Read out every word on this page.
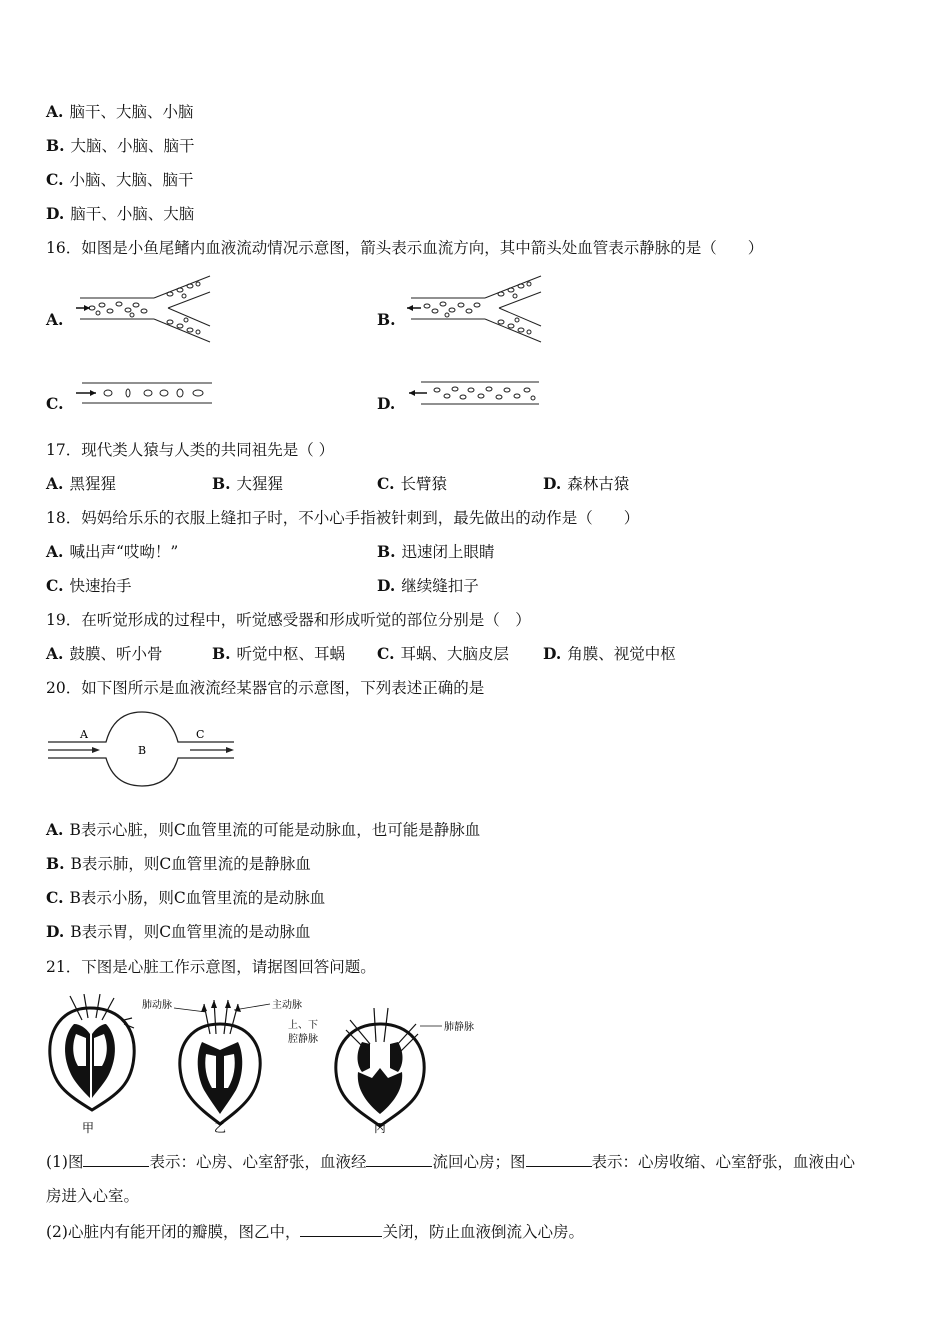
A. 脑干、大脑、小脑
B. 大脑、小脑、脑干
C. 小脑、大脑、脑干
D. 脑干、小脑、大脑
16．如图是小鱼尾鳍内血液流动情况示意图，箭头表示血流方向，其中箭头处血管表示静脉的是（　　）
A.	B.
C.	D.
17．现代类人猿与人类的共同祖先是（ ）
A. 黑猩猩	B. 大猩猩	C. 长臂猿	D. 森林古猿
18．妈妈给乐乐的衣服上缝扣子时，不小心手指被针刺到，最先做出的动作是（　　）
A. 喊出声“哎呦！”	B. 迅速闭上眼睛
C. 快速抬手	D. 继续缝扣子
19．在听觉形成的过程中，听觉感受器和形成听觉的部位分别是（　）
A. 鼓膜、听小骨	B. 听觉中枢、耳蜗 C. 耳蜗、大脑皮层 D. 角膜、视觉中枢
20．如下图所示是血液流经某器官的示意图，下列表述正确的是
A
B
C
A. B表示心脏，则C血管里流的可能是动脉血，也可能是静脉血
B. B表示肺，则C血管里流的是静脉血
C. B表示小肠，则C血管里流的是动脉血
D. B表示胃，则C血管里流的是动脉血
21．下图是心脏工作示意图，请据图回答问题。
肺动脉	主动脉
上、下
腔静脉
肺静脉
甲	乙	丙
(1)图	表示：心房、心室舒张，血液经	流回心房；图	表示：心房收缩、心室舒张，血液由心
房进入心室。
(2)心脏内有能开闭的瓣膜，图乙中，	关闭，防止血液倒流入心房。
